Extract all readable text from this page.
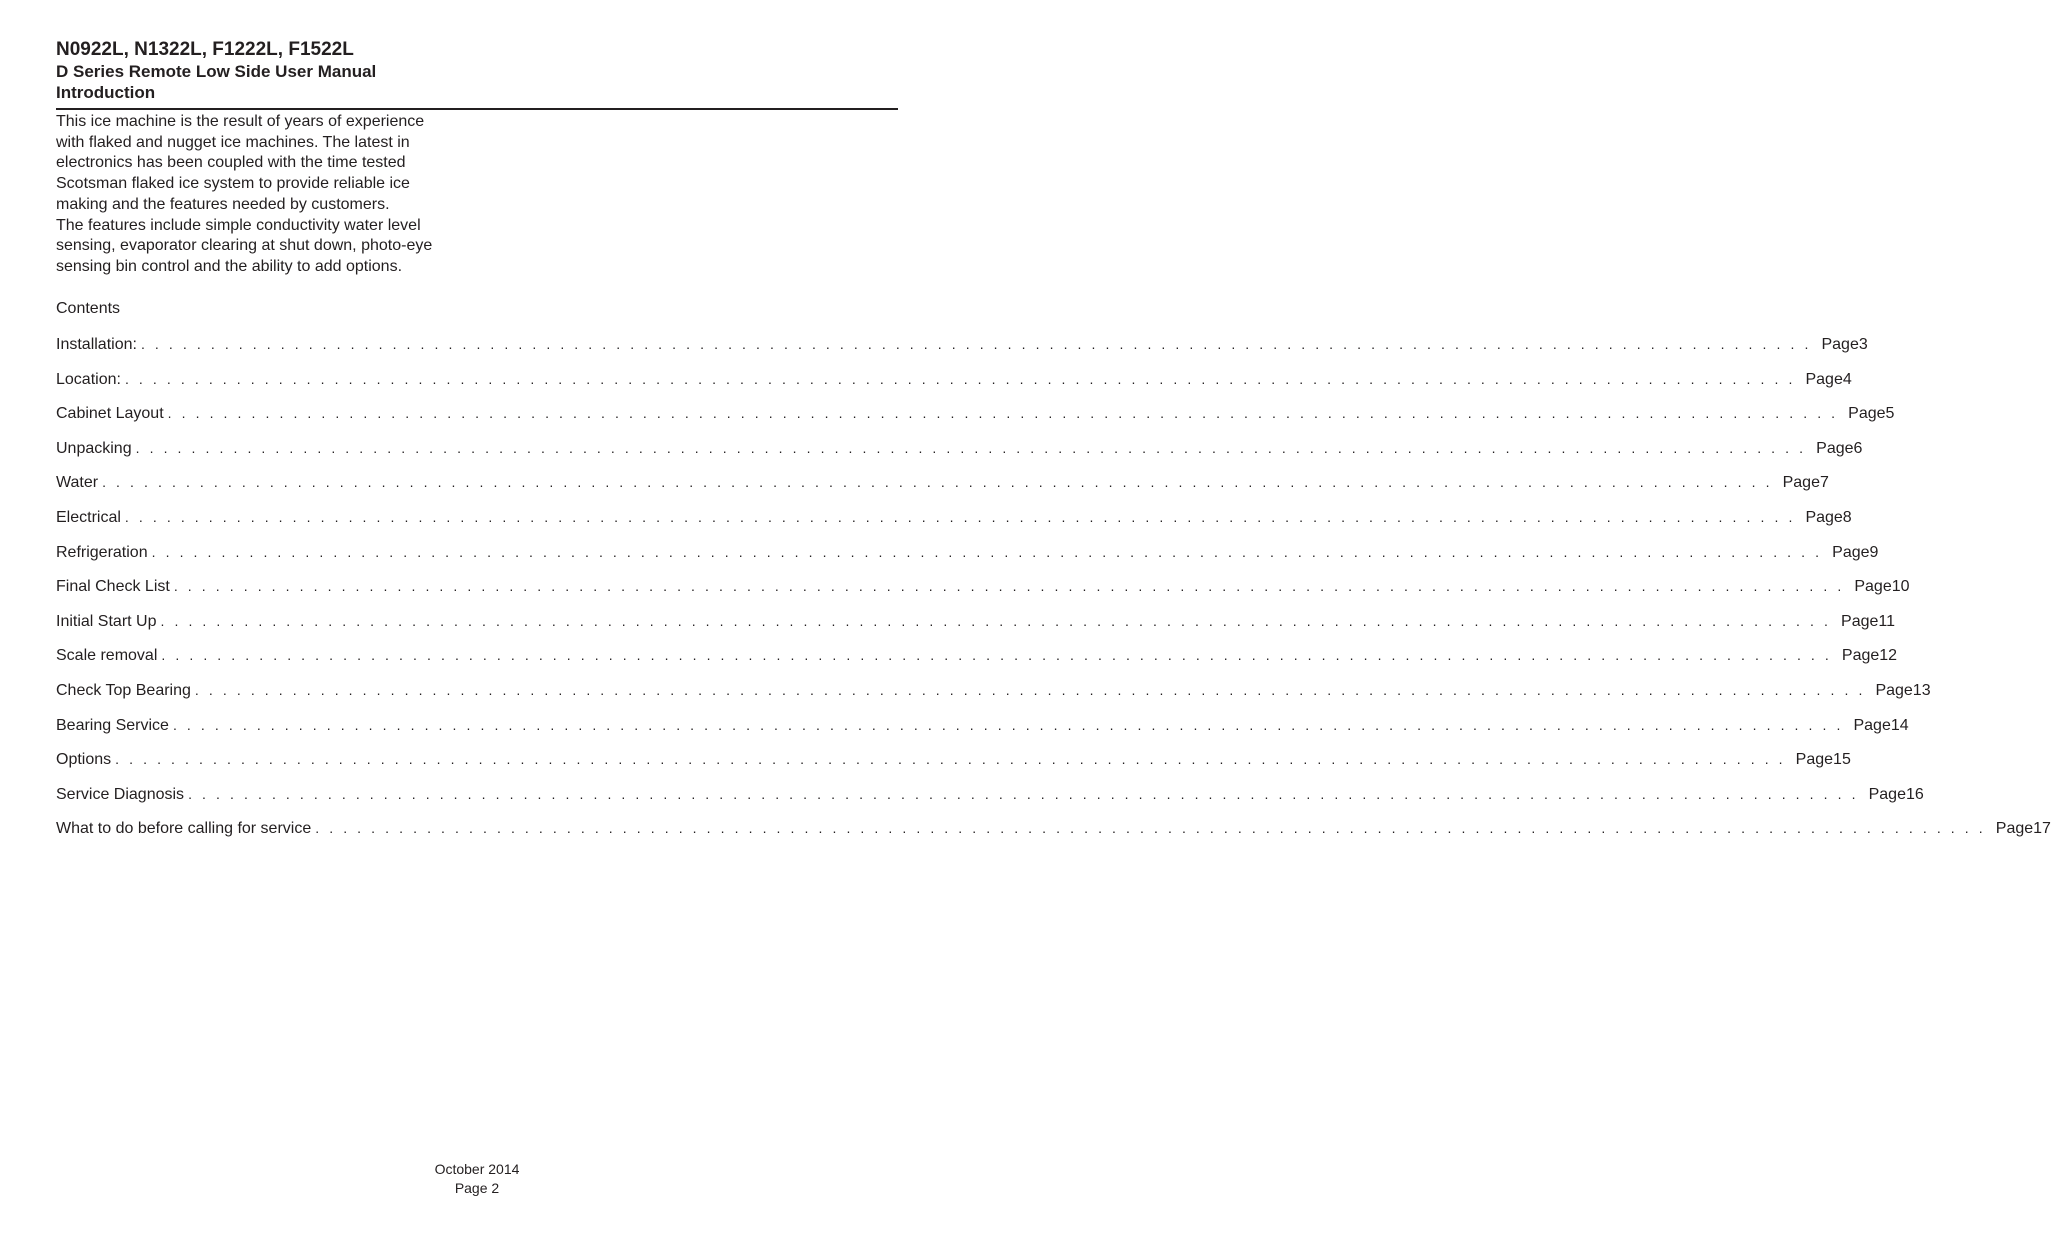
N0922L, N1322L, F1222L, F1522L
D Series Remote Low Side User Manual
Introduction

This ice machine is the result of years of experience

with flaked and nugget ice machines. The latest in

electronics has been coupled with the time tested

Scotsman flaked ice system to provide reliable ice

making and the features needed by customers.

The features include simple conductivity water level

sensing, evaporator clearing at shut down, photo-eye

sensing bin control and the ability to add options.

Contents
Installation: . . . . . . . . . . . . . . . . . . . . . . . . . . . . . . . . . . . . . . . . . . . . . . . . . . . . . . . . . . . . . . . . . . . . . . . . . . . . . . . . . . . . . . . . . . . . . . . . . . . . . . . . . . . . . . . . . . . . . . . . Page3
Location: . . . . . . . . . . . . . . . . . . . . . . . . . . . . . . . . . . . . . . . . . . . . . . . . . . . . . . . . . . . . . . . . . . . . . . . . . . . . . . . . . . . . . . . . . . . . . . . . . . . . . . . . . . . . . . . . . . . . . . . . Page4
Cabinet Layout . . . . . . . . . . . . . . . . . . . . . . . . . . . . . . . . . . . . . . . . . . . . . . . . . . . . . . . . . . . . . . . . . . . . . . . . . . . . . . . . . . . . . . . . . . . . . . . . . . . . . . . . . . . . . . . . . . . . . . . . Page5
Unpacking . . . . . . . . . . . . . . . . . . . . . . . . . . . . . . . . . . . . . . . . . . . . . . . . . . . . . . . . . . . . . . . . . . . . . . . . . . . . . . . . . . . . . . . . . . . . . . . . . . . . . . . . . . . . . . . . . . . . . . . . Page6
Water . . . . . . . . . . . . . . . . . . . . . . . . . . . . . . . . . . . . . . . . . . . . . . . . . . . . . . . . . . . . . . . . . . . . . . . . . . . . . . . . . . . . . . . . . . . . . . . . . . . . . . . . . . . . . . . . . . . . . . . . Page7
Electrical . . . . . . . . . . . . . . . . . . . . . . . . . . . . . . . . . . . . . . . . . . . . . . . . . . . . . . . . . . . . . . . . . . . . . . . . . . . . . . . . . . . . . . . . . . . . . . . . . . . . . . . . . . . . . . . . . . . . . . . . Page8
Refrigeration . . . . . . . . . . . . . . . . . . . . . . . . . . . . . . . . . . . . . . . . . . . . . . . . . . . . . . . . . . . . . . . . . . . . . . . . . . . . . . . . . . . . . . . . . . . . . . . . . . . . . . . . . . . . . . . . . . . . . . . . Page9
Final Check List . . . . . . . . . . . . . . . . . . . . . . . . . . . . . . . . . . . . . . . . . . . . . . . . . . . . . . . . . . . . . . . . . . . . . . . . . . . . . . . . . . . . . . . . . . . . . . . . . . . . . . . . . . . . . . . . . . . . . . . . Page10
Initial Start Up . . . . . . . . . . . . . . . . . . . . . . . . . . . . . . . . . . . . . . . . . . . . . . . . . . . . . . . . . . . . . . . . . . . . . . . . . . . . . . . . . . . . . . . . . . . . . . . . . . . . . . . . . . . . . . . . . . . . . . . . Page11
Scale removal . . . . . . . . . . . . . . . . . . . . . . . . . . . . . . . . . . . . . . . . . . . . . . . . . . . . . . . . . . . . . . . . . . . . . . . . . . . . . . . . . . . . . . . . . . . . . . . . . . . . . . . . . . . . . . . . . . . . . . . . Page12
Check Top Bearing . . . . . . . . . . . . . . . . . . . . . . . . . . . . . . . . . . . . . . . . . . . . . . . . . . . . . . . . . . . . . . . . . . . . . . . . . . . . . . . . . . . . . . . . . . . . . . . . . . . . . . . . . . . . . . . . . . . . . . . . Page13
Bearing Service . . . . . . . . . . . . . . . . . . . . . . . . . . . . . . . . . . . . . . . . . . . . . . . . . . . . . . . . . . . . . . . . . . . . . . . . . . . . . . . . . . . . . . . . . . . . . . . . . . . . . . . . . . . . . . . . . . . . . . . . Page14
Options . . . . . . . . . . . . . . . . . . . . . . . . . . . . . . . . . . . . . . . . . . . . . . . . . . . . . . . . . . . . . . . . . . . . . . . . . . . . . . . . . . . . . . . . . . . . . . . . . . . . . . . . . . . . . . . . . . . . . . . . Page15
Service Diagnosis . . . . . . . . . . . . . . . . . . . . . . . . . . . . . . . . . . . . . . . . . . . . . . . . . . . . . . . . . . . . . . . . . . . . . . . . . . . . . . . . . . . . . . . . . . . . . . . . . . . . . . . . . . . . . . . . . . . . . . . . Page16
What to do before calling for service . . . . . . . . . . . . . . . . . . . . . . . . . . . . . . . . . . . . . . . . . . . . . . . . . . . . . . . . . . . . . . . . . . . . . . . . . . . . . . . . . . . . . . . . . . . . . . . . . . . . . . . . . . . . . . . . . . . . . . . . Page17
October 2014
Page 2
